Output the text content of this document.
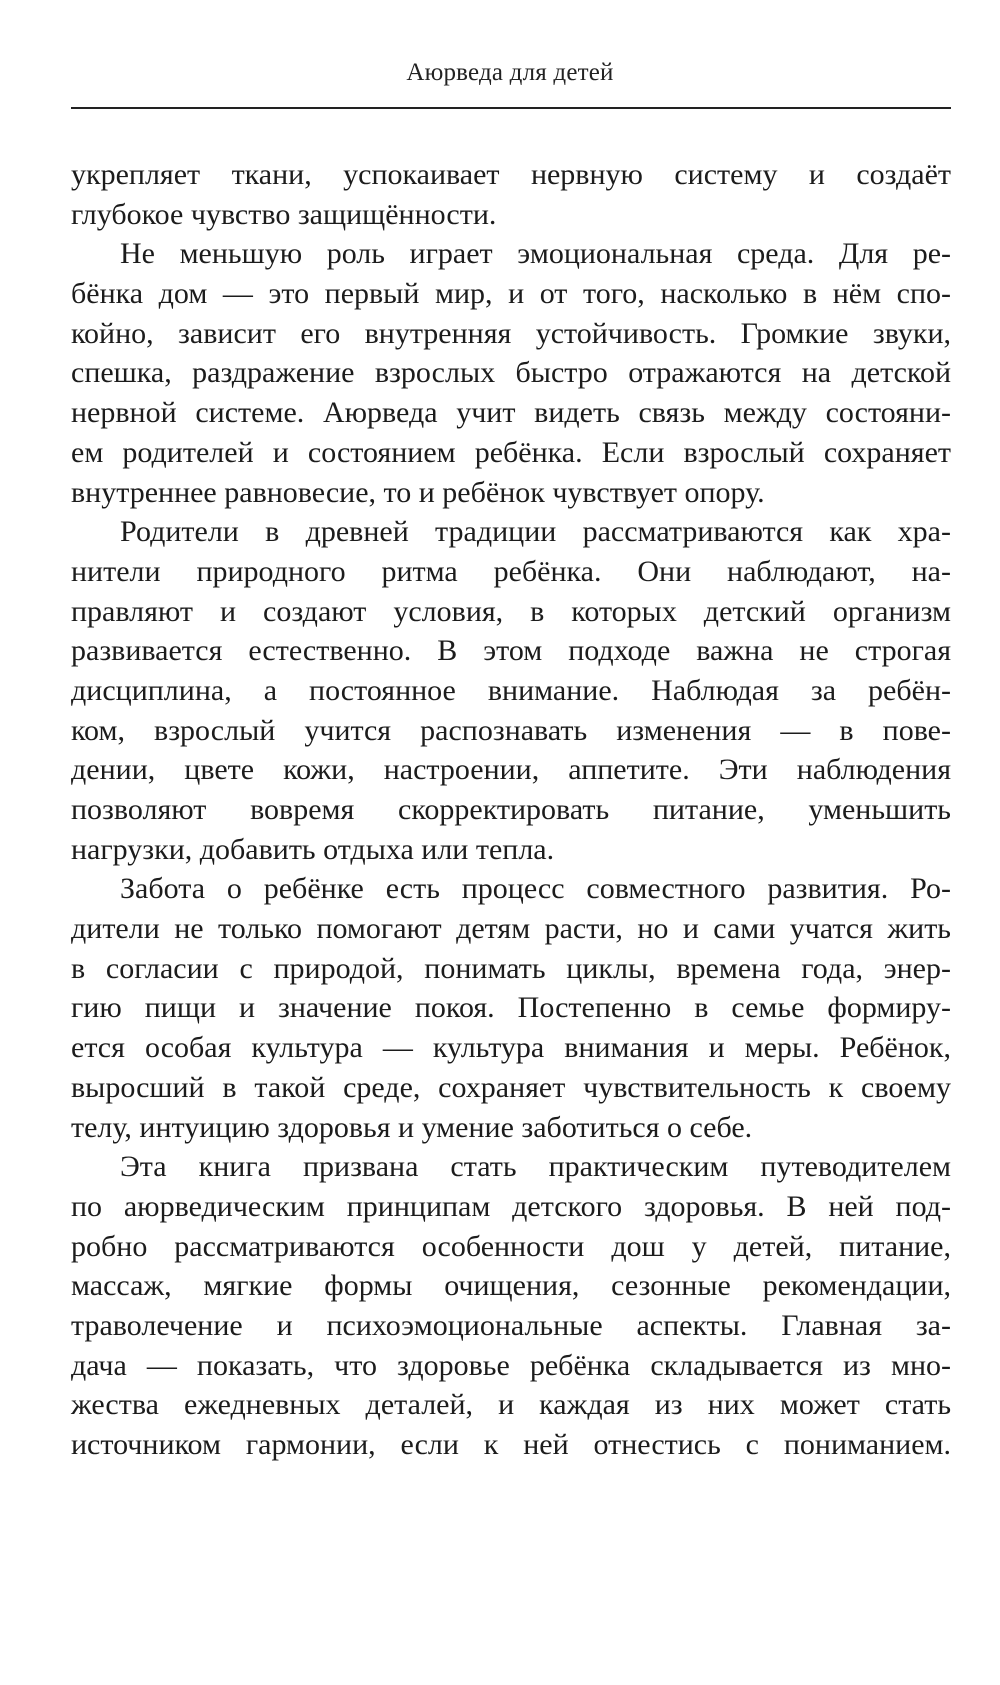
Аюрведа для детей
укрепляет ткани, успокаивает нервную систему и создаёт
глубокое чувство защищённости.
Не меньшую роль играет эмоциональная среда. Для ре-
бёнка дом — это первый мир, и от того, насколько в нём спо-
койно, зависит его внутренняя устойчивость. Громкие звуки,
спешка, раздражение взрослых быстро отражаются на детской
нервной системе. Аюрведа учит видеть связь между состояни-
ем родителей и состоянием ребёнка. Если взрослый сохраняет
внутреннее равновесие, то и ребёнок чувствует опору.
Родители в древней традиции рассматриваются как хра-
нители природного ритма ребёнка. Они наблюдают, на-
правляют и создают условия, в которых детский организм
развивается естественно. В этом подходе важна не строгая
дисциплина, а постоянное внимание. Наблюдая за ребён-
ком, взрослый учится распознавать изменения — в пове-
дении, цвете кожи, настроении, аппетите. Эти наблюдения
позволяют вовремя скорректировать питание, уменьшить
нагрузки, добавить отдыха или тепла.
Забота о ребёнке есть процесс совместного развития. Ро-
дители не только помогают детям расти, но и сами учатся жить
в согласии с природой, понимать циклы, времена года, энер-
гию пищи и значение покоя. Постепенно в семье формиру-
ется особая культура — культура внимания и меры. Ребёнок,
выросший в такой среде, сохраняет чувствительность к своему
телу, интуицию здоровья и умение заботиться о себе.
Эта книга призвана стать практическим путеводителем
по аюрведическим принципам детского здоровья. В ней под-
робно рассматриваются особенности дош у детей, питание,
массаж, мягкие формы очищения, сезонные рекомендации,
траволечение и психоэмоциональные аспекты. Главная за-
дача — показать, что здоровье ребёнка складывается из мно-
жества ежедневных деталей, и каждая из них может стать
источником гармонии, если к ней отнестись с пониманием.
